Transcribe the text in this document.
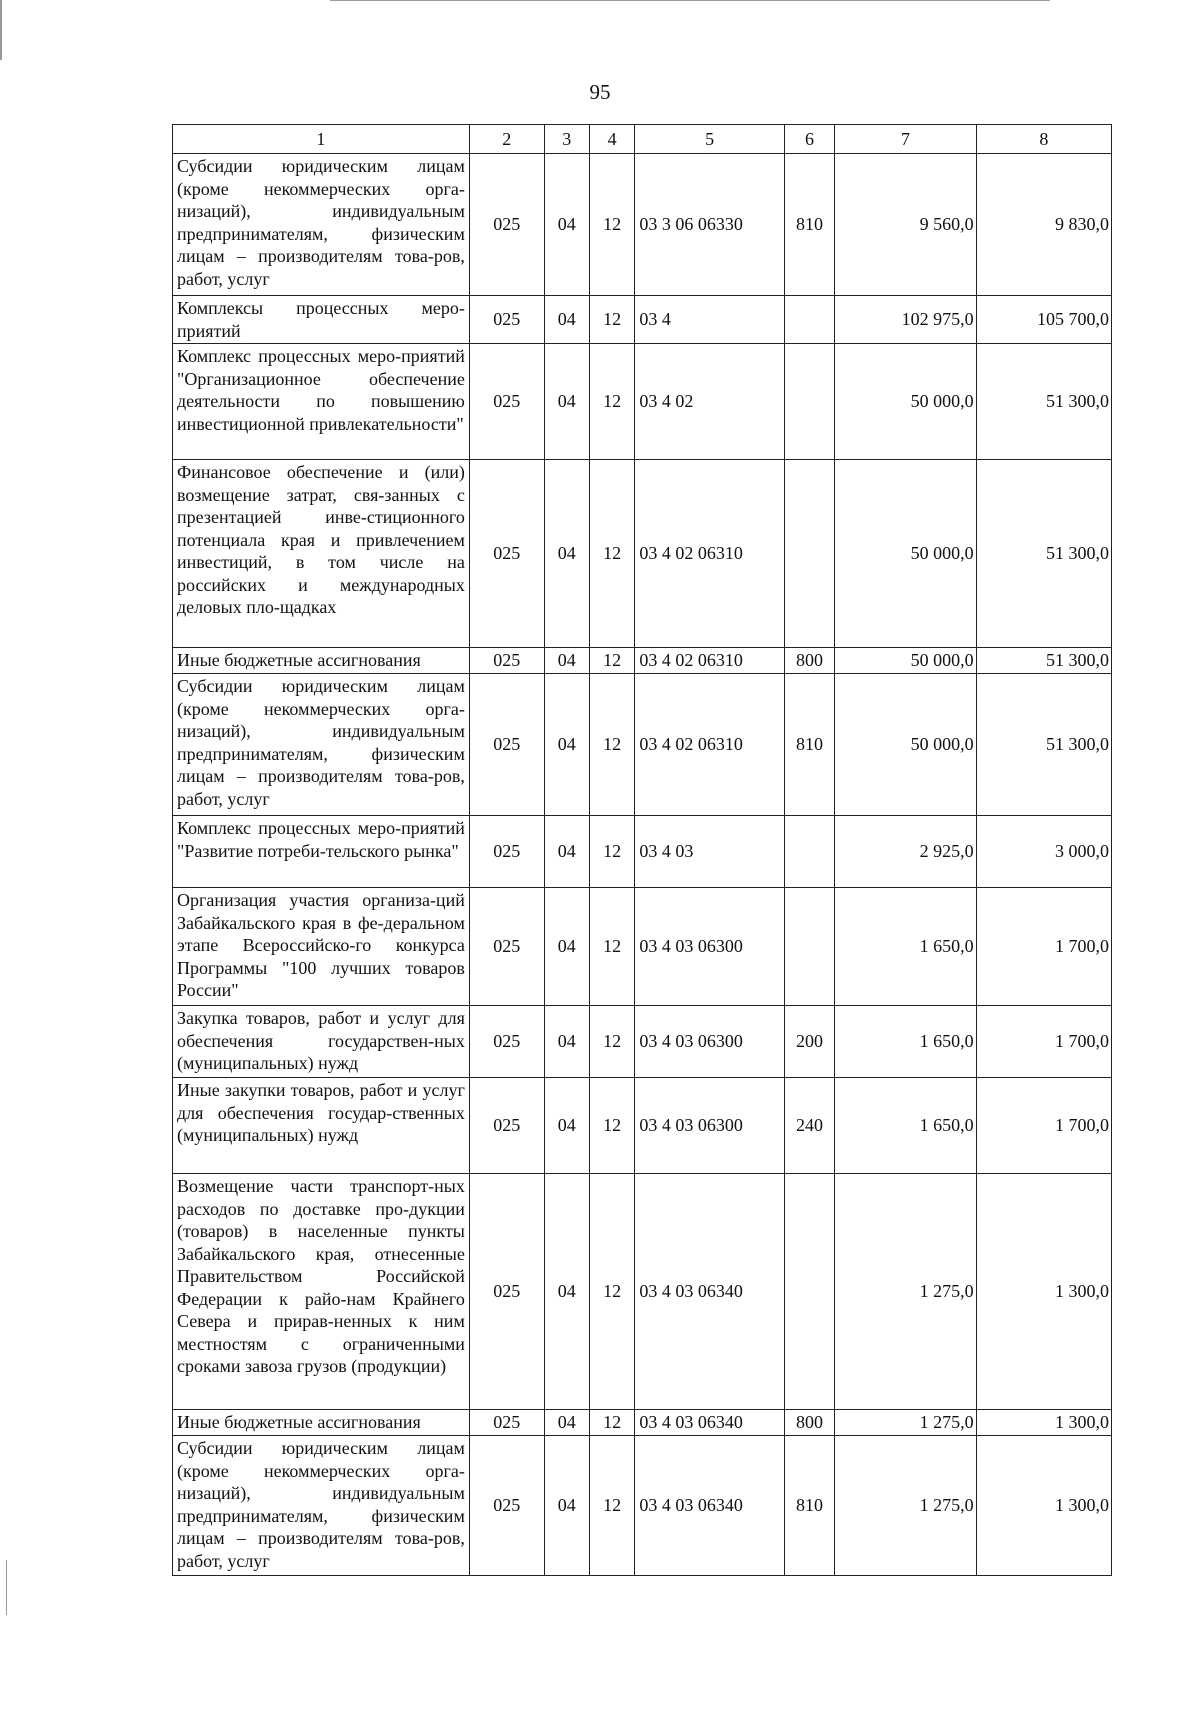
95
1	2	3	4	5	6	7	8
Субсидии юридическим лицам (кроме некоммерческих орга-низаций), индивидуальным предпринимателям, физическим лицам – производителям това-ров, работ, услуг	025	04	12	03 3 06 06330	810	9 560,0	9 830,0
Комплексы процессных меро-приятий	025	04	12	03 4		102 975,0	105 700,0
Комплекс процессных меро-приятий "Организационное обеспечение деятельности по повышению инвестиционной привлекательности"	025	04	12	03 4 02		50 000,0	51 300,0
Финансовое обеспечение и (или) возмещение затрат, свя-занных с презентацией инве-стиционного потенциала края и привлечением инвестиций, в том числе на российских и международных деловых пло-щадках	025	04	12	03 4 02 06310		50 000,0	51 300,0
Иные бюджетные ассигнования	025	04	12	03 4 02 06310	800	50 000,0	51 300,0
Субсидии юридическим лицам (кроме некоммерческих орга-низаций), индивидуальным предпринимателям, физическим лицам – производителям това-ров, работ, услуг	025	04	12	03 4 02 06310	810	50 000,0	51 300,0
Комплекс процессных меро-приятий "Развитие потреби-тельского рынка"	025	04	12	03 4 03		2 925,0	3 000,0
Организация участия организа-ций Забайкальского края в фе-деральном этапе Всероссийско-го конкурса Программы "100 лучших товаров России"	025	04	12	03 4 03 06300		1 650,0	1 700,0
Закупка товаров, работ и услуг для обеспечения государствен-ных (муниципальных) нужд	025	04	12	03 4 03 06300	200	1 650,0	1 700,0
Иные закупки товаров, работ и услуг для обеспечения государ-ственных (муниципальных) нужд	025	04	12	03 4 03 06300	240	1 650,0	1 700,0
Возмещение части транспорт-ных расходов по доставке про-дукции (товаров) в населенные пункты Забайкальского края, отнесенные Правительством Российской Федерации к райо-нам Крайнего Севера и прирав-ненных к ним местностям с ограниченными сроками завоза грузов (продукции)	025	04	12	03 4 03 06340		1 275,0	1 300,0
Иные бюджетные ассигнования	025	04	12	03 4 03 06340	800	1 275,0	1 300,0
Субсидии юридическим лицам (кроме некоммерческих орга-низаций), индивидуальным предпринимателям, физическим лицам – производителям това-ров, работ, услуг	025	04	12	03 4 03 06340	810	1 275,0	1 300,0
